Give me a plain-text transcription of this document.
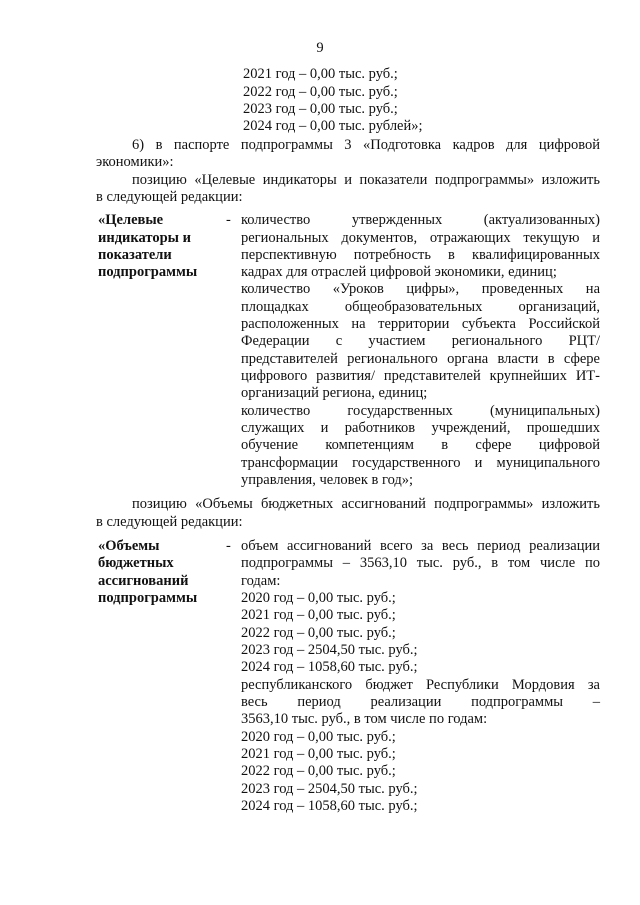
9
2021 год – 0,00 тыс. руб.;
2022 год – 0,00 тыс. руб.;
2023 год – 0,00 тыс. руб.;
2024 год – 0,00 тыс. рублей»;
6) в паспорте подпрограммы 3 «Подготовка кадров для цифровой
экономики»:
позицию «Целевые индикаторы и показатели подпрограммы» изложить
в следующей редакции:
«Целевые
индикаторы и
показатели
подпрограммы
- количество утвержденных (актуализованных)
региональных документов, отражающих текущую и
перспективную потребность в квалифицированных
кадрах для отраслей цифровой экономики, единиц;
количество «Уроков цифры», проведенных на
площадках общеобразовательных организаций,
расположенных на территории субъекта Российской
Федерации с участием регионального РЦТ/
представителей регионального органа власти в сфере
цифрового развития/ представителей крупнейших ИТ-
организаций региона, единиц;
количество государственных (муниципальных)
служащих и работников учреждений, прошедших
обучение компетенциям в сфере цифровой
трансформации государственного и муниципального
управления, человек в год»;
позицию «Объемы бюджетных ассигнований подпрограммы» изложить
в следующей редакции:
«Объемы
бюджетных
ассигнований
подпрограммы
- объем ассигнований всего за весь период реализации
подпрограммы – 3563,10 тыс. руб., в том числе по
годам:
2020 год – 0,00 тыс. руб.;
2021 год – 0,00 тыс. руб.;
2022 год – 0,00 тыс. руб.;
2023 год – 2504,50 тыс. руб.;
2024 год – 1058,60 тыс. руб.;
республиканского бюджет Республики Мордовия за
весь период реализации подпрограммы –
3563,10 тыс. руб., в том числе по годам:
2020 год – 0,00 тыс. руб.;
2021 год – 0,00 тыс. руб.;
2022 год – 0,00 тыс. руб.;
2023 год – 2504,50 тыс. руб.;
2024 год – 1058,60 тыс. руб.;
